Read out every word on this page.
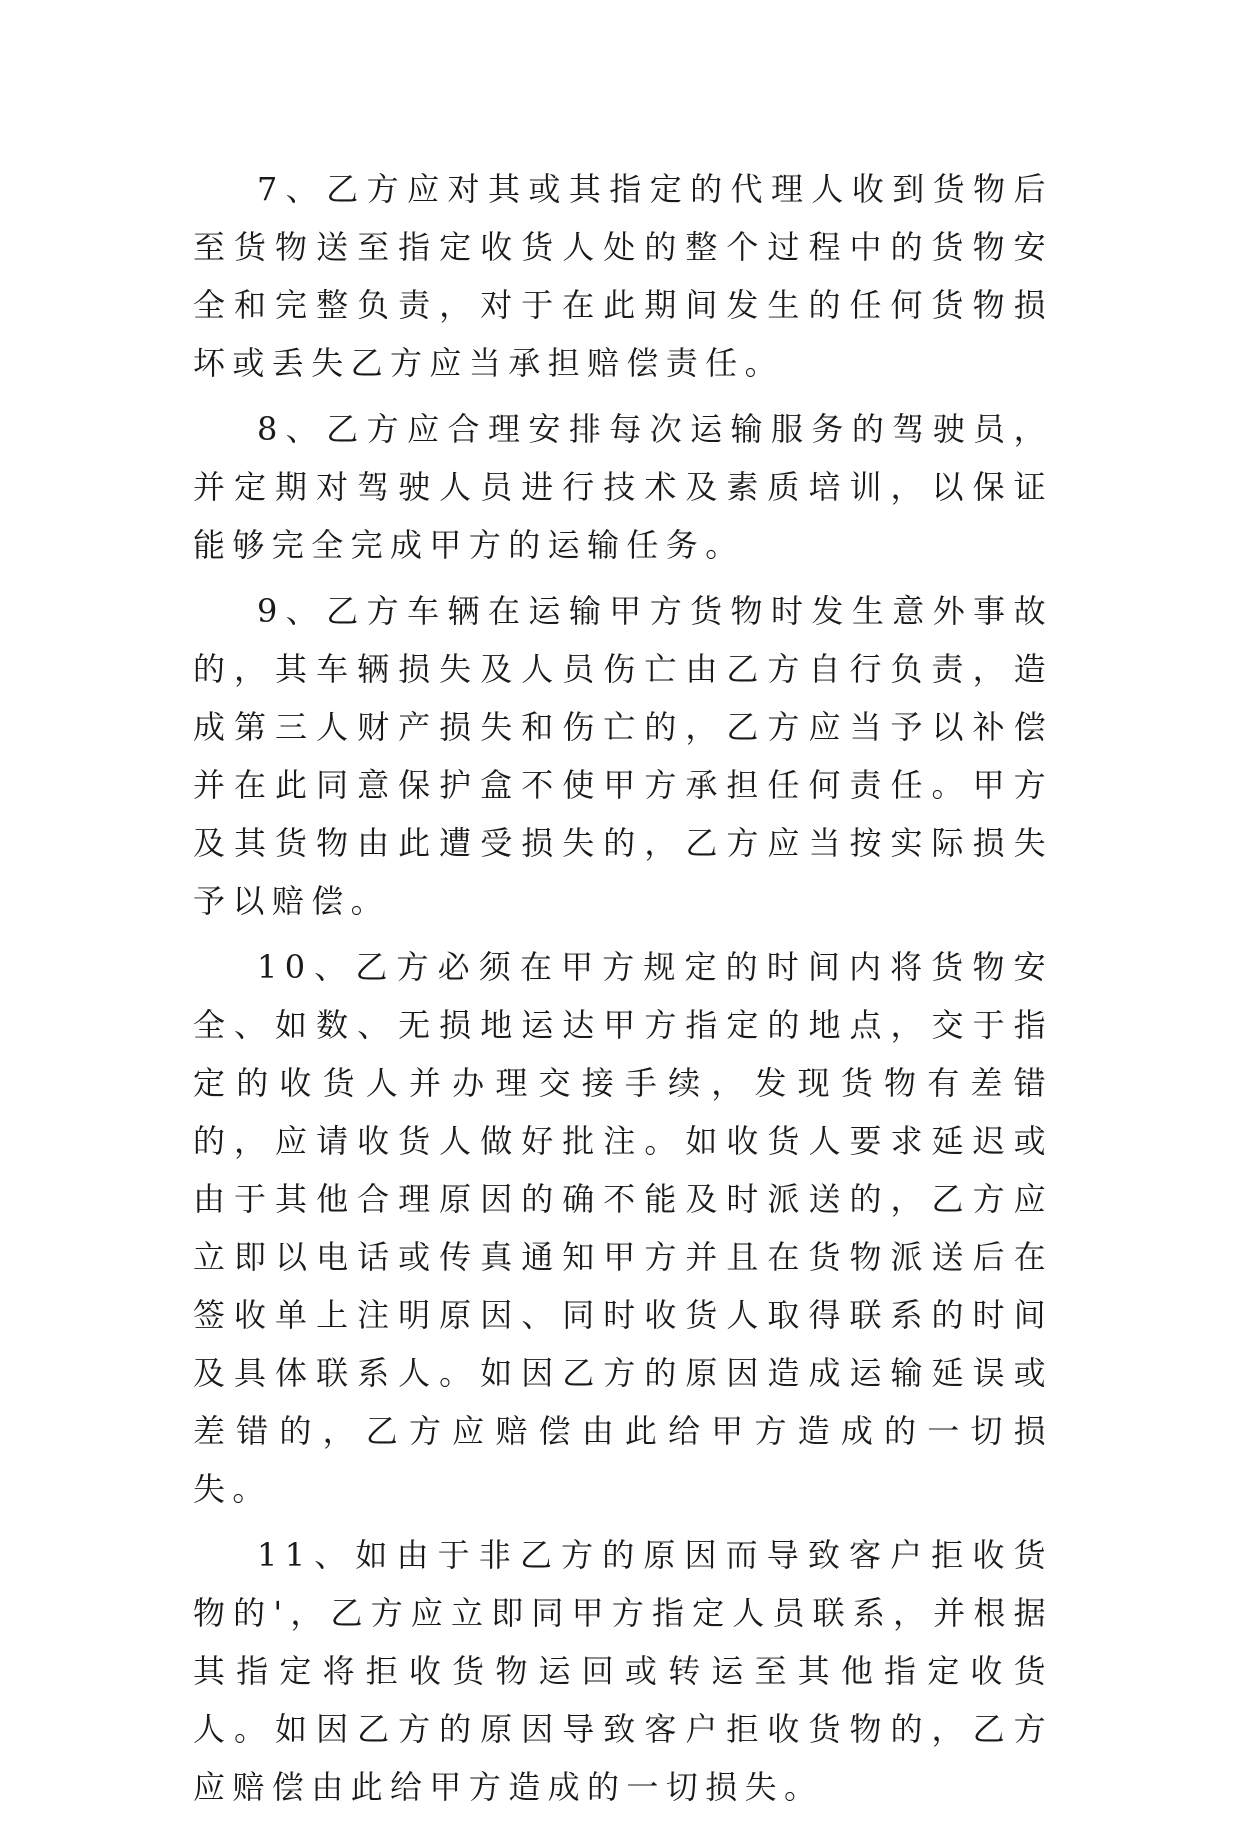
7、乙方应对其或其指定的代理人收到货物后至货物送至指定收货人处的整个过程中的货物安全和完整负责，对于在此期间发生的任何货物损坏或丢失乙方应当承担赔偿责任。

8、乙方应合理安排每次运输服务的驾驶员，并定期对驾驶人员进行技术及素质培训，以保证能够完全完成甲方的运输任务。

9、乙方车辆在运输甲方货物时发生意外事故的，其车辆损失及人员伤亡由乙方自行负责，造成第三人财产损失和伤亡的，乙方应当予以补偿并在此同意保护盒不使甲方承担任何责任。甲方及其货物由此遭受损失的，乙方应当按实际损失予以赔偿。

10、乙方必须在甲方规定的时间内将货物安全、如数、无损地运达甲方指定的地点，交于指定的收货人并办理交接手续，发现货物有差错的，应请收货人做好批注。如收货人要求延迟或由于其他合理原因的确不能及时派送的，乙方应立即以电话或传真通知甲方并且在货物派送后在签收单上注明原因、同时收货人取得联系的时间及具体联系人。如因乙方的原因造成运输延误或差错的，乙方应赔偿由此给甲方造成的一切损失。

11、如由于非乙方的原因而导致客户拒收货物的'，乙方应立即同甲方指定人员联系，并根据其指定将拒收货物运回或转运至其他指定收货人。如因乙方的原因导致客户拒收货物的，乙方应赔偿由此给甲方造成的一切损失。
